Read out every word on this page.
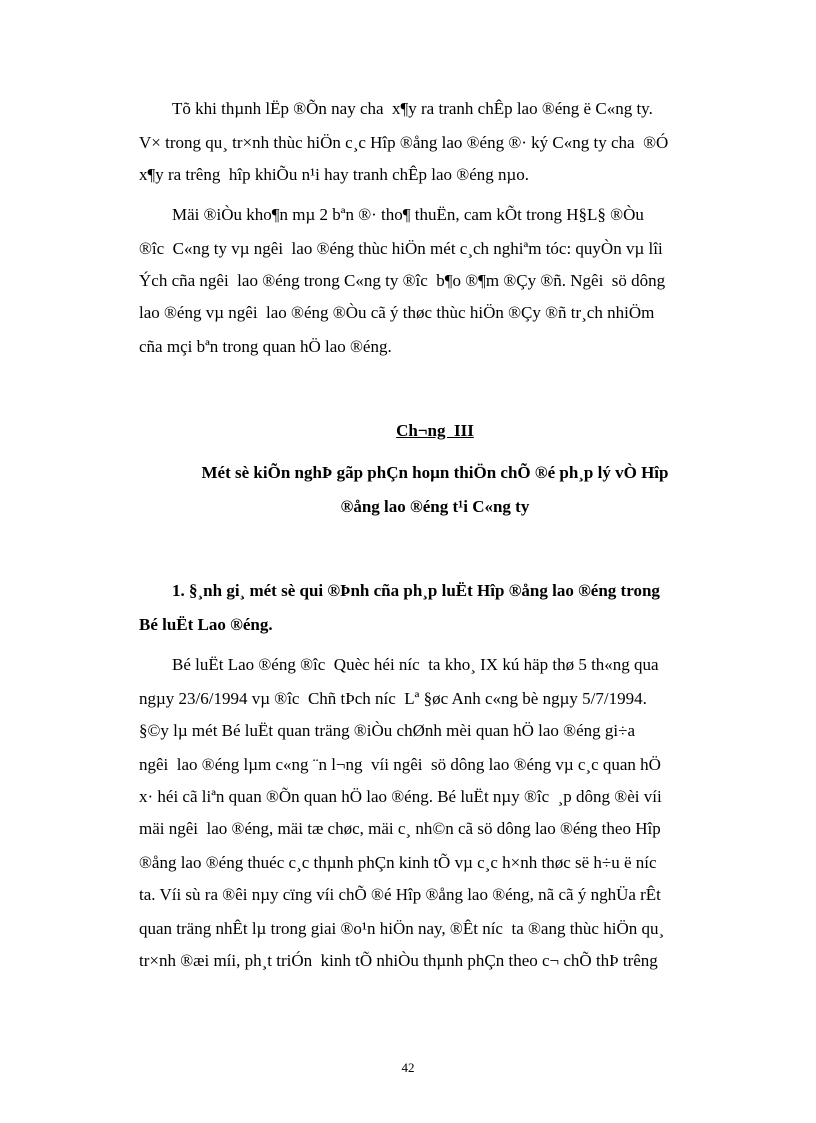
Tõ khi thµnh lËp ®Õn nay cha  x¶y ra tranh chÊp lao ®éng ë C«ng ty.
V× trong qu¸ tr×nh thùc hiÖn c¸c Hîp ®ång lao ®éng ®· ký C«ng ty cha  ®Ó
x¶y ra trêng  hîp khiÕu n¹i hay tranh chÊp lao ®éng nµo.
Mäi ®iÒu kho¶n mµ 2 bªn ®· tho¶ thuËn, cam kÕt trong H§L§ ®Òu
®îc  C«ng ty vµ ngêi  lao ®éng thùc hiÖn mét c¸ch nghiªm tóc: quyÒn vµ lîi
Ých cña ngêi  lao ®éng trong C«ng ty ®îc  b¶o ®¶m ®Çy ®ñ. Ngêi  sö dông
lao ®éng vµ ngêi  lao ®éng ®Òu cã ý thøc thùc hiÖn ®Çy ®ñ tr¸ch nhiÖm
cña mçi bªn trong quan hÖ lao ®éng.
Ch¬ng  III
Mét sè kiÕn nghÞ gãp phÇn hoµn thiÖn chÕ ®é ph¸p lý vÒ Hîp
®ång lao ®éng t¹i C«ng ty
1. §¸nh gi¸ mét sè qui ®Þnh cña ph¸p luËt Hîp ®ång lao ®éng trong
Bé luËt Lao ®éng.
Bé luËt Lao ®éng ®îc  Quèc héi níc  ta kho¸ IX kú häp thø 5 th«ng qua
ngµy 23/6/1994 vµ ®îc  Chñ tÞch níc  Lª §øc Anh c«ng bè ngµy 5/7/1994.
§©y lµ mét Bé luËt quan träng ®iÒu chØnh mèi quan hÖ lao ®éng gi÷a
ngêi  lao ®éng lµm c«ng ¨n l¬ng  víi ngêi  sö dông lao ®éng vµ c¸c quan hÖ
x· héi cã liªn quan ®Õn quan hÖ lao ®éng. Bé luËt nµy ®îc  ¸p dông ®èi víi
mäi ngêi  lao ®éng, mäi tæ chøc, mäi c¸ nh©n cã sö dông lao ®éng theo Hîp
®ång lao ®éng thuéc c¸c thµnh phÇn kinh tÕ vµ c¸c h×nh thøc së h÷u ë níc
ta. Víi sù ra ®êi nµy cïng víi chÕ ®é Hîp ®ång lao ®éng, nã cã ý nghÜa rÊt
quan träng nhÊt lµ trong giai ®o¹n hiÖn nay, ®Êt níc  ta ®ang thùc hiÖn qu¸
tr×nh ®æi míi, ph¸t triÓn  kinh tÕ nhiÒu thµnh phÇn theo c¬ chÕ thÞ trêng
42
